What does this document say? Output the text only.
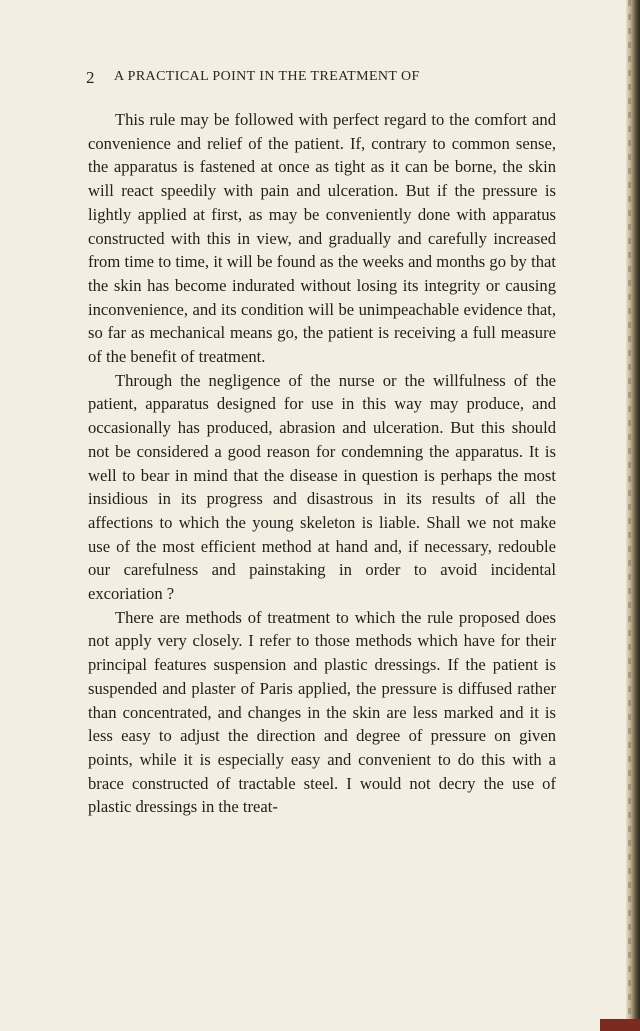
2 A PRACTICAL POINT IN THE TREATMENT OF

This rule may be followed with perfect regard to the comfort and convenience and relief of the patient. If, contrary to common sense, the apparatus is fastened at once as tight as it can be borne, the skin will react speedily with pain and ulceration. But if the pressure is lightly applied at first, as may be conveniently done with apparatus constructed with this in view, and gradually and carefully increased from time to time, it will be found as the weeks and months go by that the skin has become indurated without losing its integrity or causing inconvenience, and its condition will be unimpeachable evidence that, so far as mechanical means go, the patient is receiving a full measure of the benefit of treatment.

Through the negligence of the nurse or the willfulness of the patient, apparatus designed for use in this way may produce, and occasionally has produced, abrasion and ulceration. But this should not be considered a good reason for condemning the apparatus. It is well to bear in mind that the disease in question is perhaps the most insidious in its progress and disastrous in its results of all the affections to which the young skeleton is liable. Shall we not make use of the most efficient method at hand and, if necessary, redouble our carefulness and painstaking in order to avoid incidental excoriation ?

There are methods of treatment to which the rule proposed does not apply very closely. I refer to those methods which have for their principal features suspension and plastic dressings. If the patient is suspended and plaster of Paris applied, the pressure is diffused rather than concentrated, and changes in the skin are less marked and it is less easy to adjust the direction and degree of pressure on given points, while it is especially easy and convenient to do this with a brace constructed of tractable steel. I would not decry the use of plastic dressings in the treat-
